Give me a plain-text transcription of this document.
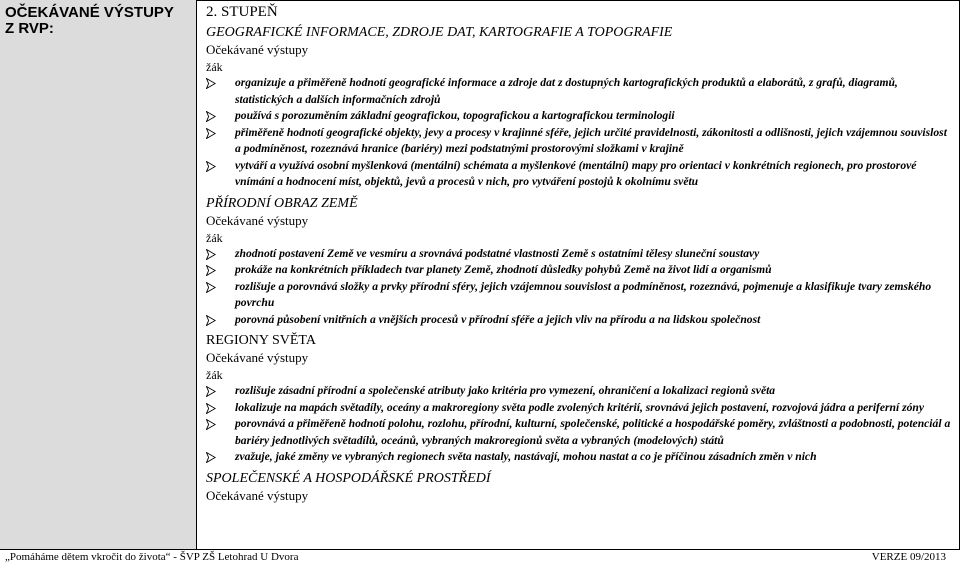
OČEKÁVANÉ VÝSTUPY
Z RVP:
2. STUPEŇ
GEOGRAFICKÉ INFORMACE, ZDROJE DAT, KARTOGRAFIE A TOPOGRAFIE
Očekávané výstupy
žák
organizuje a přiměřeně hodnotí geografické informace a zdroje dat z dostupných kartografických produktů a elaborátů, z grafů, diagramů, statistických a dalších informačních zdrojů
používá s porozuměním základní geografickou, topografickou a kartografickou terminologii
přiměřeně hodnotí geografické objekty, jevy a procesy v krajinné sféře, jejich určité pravidelnosti, zákonitosti a odlišnosti, jejich vzájemnou souvislost a podmíněnost, rozeznává hranice (bariéry) mezi podstatnými prostorovými složkami v krajině
vytváří a využívá osobní myšlenková (mentální) schémata a myšlenkové (mentální) mapy pro orientaci v konkrétních regionech, pro prostorové vnímání a hodnocení míst, objektů, jevů a procesů v nich, pro vytváření postojů k okolnímu světu
PŘÍRODNÍ OBRAZ ZEMĚ
Očekávané výstupy
žák
zhodnotí postavení Země ve vesmíru a srovnává podstatné vlastnosti Země s ostatními tělesy sluneční soustavy
prokáže na konkrétních příkladech tvar planety Země, zhodnotí důsledky pohybů Země na život lidí a organismů
rozlišuje a porovnává složky a prvky přírodní sféry, jejich vzájemnou souvislost a podmíněnost, rozeznává, pojmenuje a klasifikuje tvary zemského povrchu
porovná působení vnitřních a vnějších procesů v přírodní sféře a jejich vliv na přírodu a na lidskou společnost
REGIONY SVĚTA
Očekávané výstupy
žák
rozlišuje zásadní přírodní a společenské atributy jako kritéria pro vymezení, ohraničení a lokalizaci regionů světa
lokalizuje na mapách světadíly, oceány a makroregiony světa podle zvolených kritérií, srovnává jejich postavení, rozvojová jádra a periferní zóny
porovnává a přiměřeně hodnotí polohu, rozlohu, přírodní, kulturní, společenské, politické a hospodářské poměry, zvláštnosti a podobnosti, potenciál a bariéry jednotlivých světadílů, oceánů, vybraných makroregionů světa a vybraných (modelových) států
zvažuje, jaké změny ve vybraných regionech světa nastaly, nastávají, mohou nastat a co je příčinou zásadních změn v nich
SPOLEČENSKÉ A HOSPODÁŘSKÉ PROSTŘEDÍ
Očekávané výstupy
„Pomáháme dětem vkročit do života“ - ŠVP ZŠ Letohrad U Dvora	VERZE 09/2013
